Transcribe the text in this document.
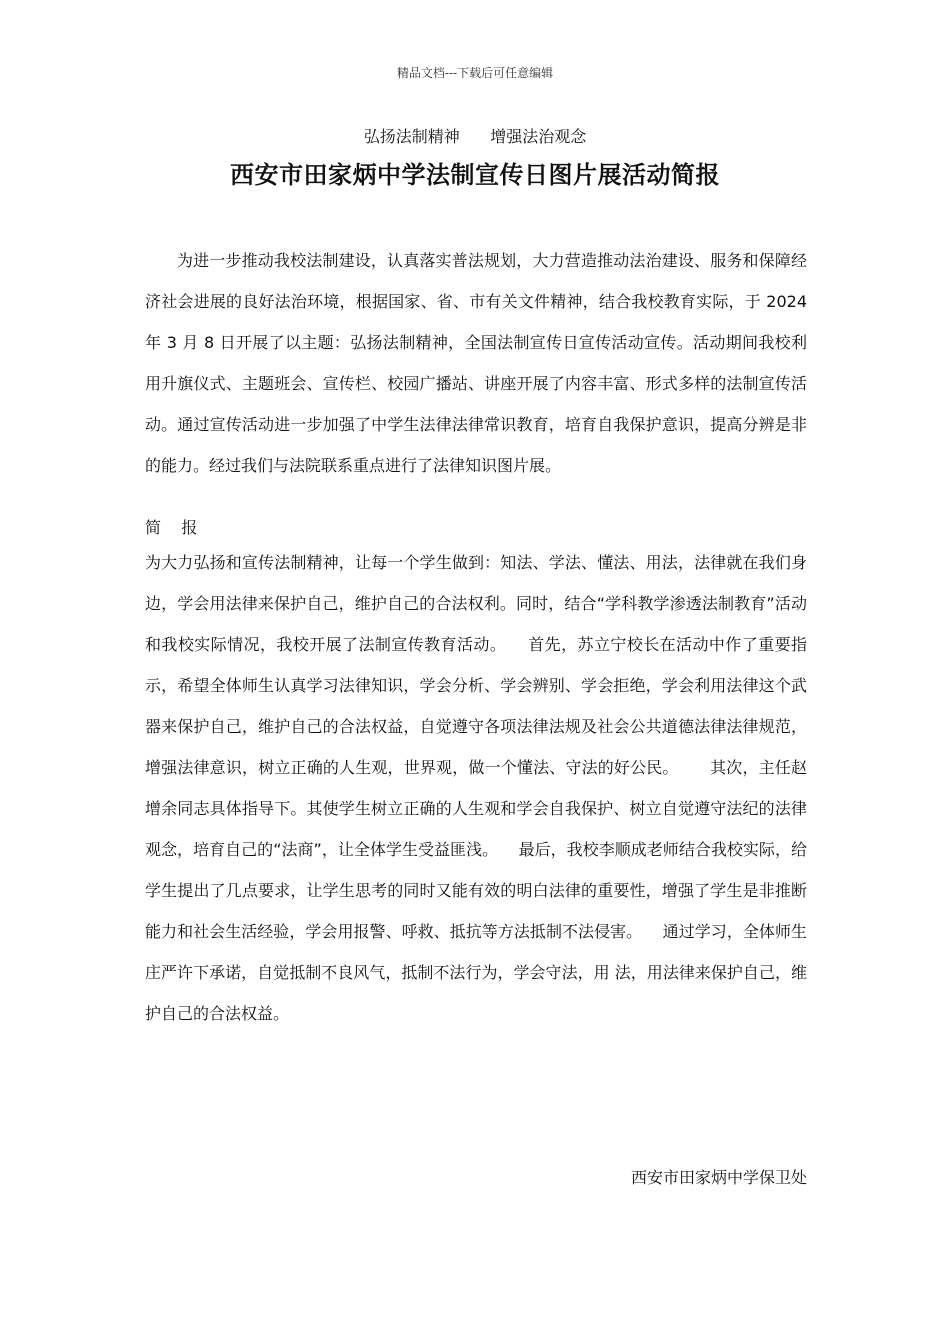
精品文档---下载后可任意编辑
弘扬法制精神      增强法治观念
西安市田家炳中学法制宣传日图片展活动简报
为进一步推动我校法制建设，认真落实普法规划，大力营造推动法治建设、服务和保障经济社会进展的良好法治环境，根据国家、省、市有关文件精神，结合我校教育实际，于 2024 年 3 月 8 日开展了以主题：弘扬法制精神，全国法制宣传日宣传活动宣传。活动期间我校利用升旗仪式、主题班会、宣传栏、校园广播站、讲座开展了内容丰富、形式多样的法制宣传活动。通过宣传活动进一步加强了中学生法律法律常识教育，培育自我保护意识，提高分辨是非的能力。经过我们与法院联系重点进行了法律知识图片展。
简    报
为大力弘扬和宣传法制精神，让每一个学生做到：知法、学法、懂法、用法，法律就在我们身边，学会用法律来保护自己，维护自己的合法权利。同时，结合“学科教学渗透法制教育”活动和我校实际情况，我校开展了法制宣传教育活动。    首先，苏立宁校长在活动中作了重要指示，希望全体师生认真学习法律知识，学会分析、学会辨别、学会拒绝，学会利用法律这个武器来保护自己，维护自己的合法权益，自觉遵守各项法律法规及社会公共道德法律法律规范，增强法律意识，树立正确的人生观，世界观，做一个懂法、守法的好公民。      其次，主任赵增余同志具体指导下。其使学生树立正确的人生观和学会自我保护、树立自觉遵守法纪的法律观念，培育自己的“法商”，让全体学生受益匪浅。    最后，我校李顺成老师结合我校实际，给学生提出了几点要求，让学生思考的同时又能有效的明白法律的重要性，增强了学生是非推断能力和社会生活经验，学会用报警、呼救、抵抗等方法抵制不法侵害。    通过学习，全体师生庄严许下承诺，自觉抵制不良风气，抵制不法行为，学会守法，用 法，用法律来保护自己，维护自己的合法权益。
西安市田家炳中学保卫处
